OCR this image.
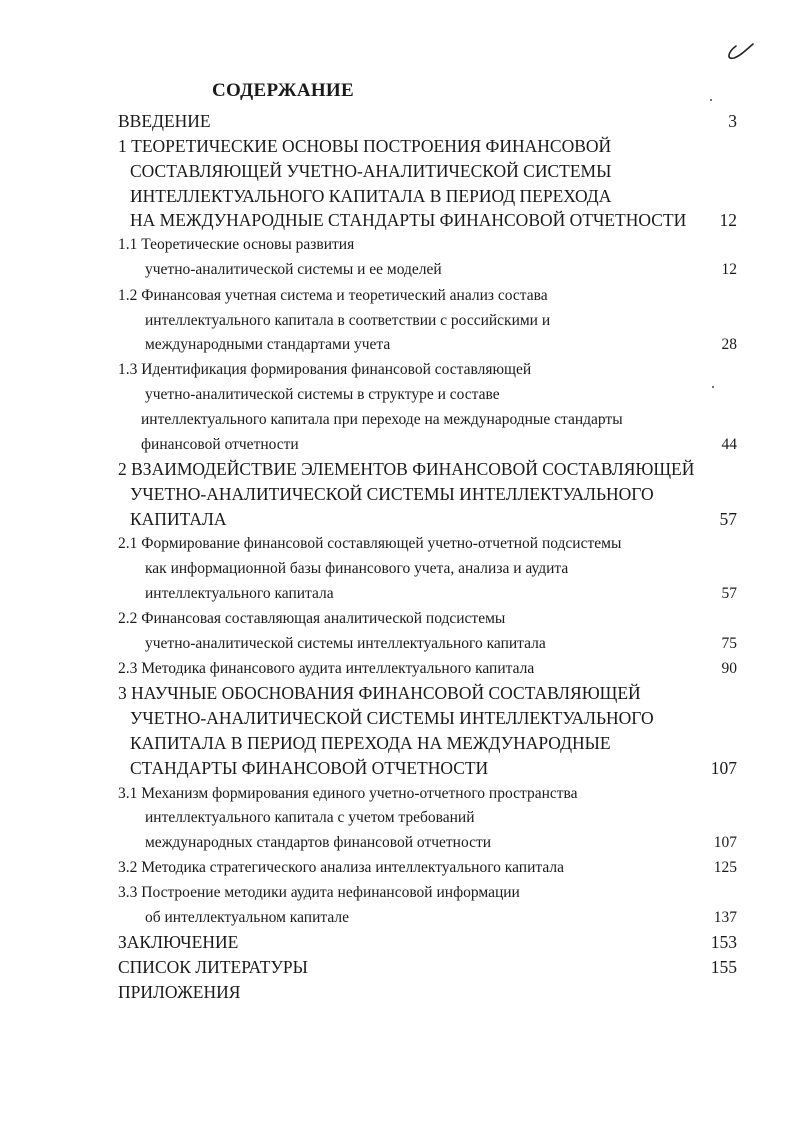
СОДЕРЖАНИЕ
ВВЕДЕНИЕ	3
1 ТЕОРЕТИЧЕСКИЕ ОСНОВЫ ПОСТРОЕНИЯ ФИНАНСОВОЙ
СОСТАВЛЯЮЩЕЙ УЧЕТНО-АНАЛИТИЧЕСКОЙ СИСТЕМЫ
ИНТЕЛЛЕКТУАЛЬНОГО КАПИТАЛА В ПЕРИОД ПЕРЕХОДА
НА МЕЖДУНАРОДНЫЕ СТАНДАРТЫ ФИНАНСОВОЙ ОТЧЕТНОСТИ 12
1.1 Теоретические основы развития
учетно-аналитической системы и ее моделей	12
1.2 Финансовая учетная система и теоретический анализ состава
интеллектуального капитала в соответствии с российскими и
международными стандартами учета	28
1.3 Идентификация формирования финансовой составляющей
учетно-аналитической системы в структуре и составе
интеллектуального капитала при переходе на международные стандарты
финансовой отчетности	44
2 ВЗАИМОДЕЙСТВИЕ ЭЛЕМЕНТОВ ФИНАНСОВОЙ СОСТАВЛЯЮЩЕЙ
УЧЕТНО-АНАЛИТИЧЕСКОЙ СИСТЕМЫ ИНТЕЛЛЕКТУАЛЬНОГО
КАПИТАЛА	57
2.1 Формирование финансовой составляющей учетно-отчетной подсистемы
как информационной базы финансового учета, анализа и аудита
интеллектуального капитала	57
2.2 Финансовая составляющая аналитической подсистемы
учетно-аналитической системы интеллектуального капитала	75
2.3 Методика финансового аудита интеллектуального капитала	90
3 НАУЧНЫЕ ОБОСНОВАНИЯ ФИНАНСОВОЙ СОСТАВЛЯЮЩЕЙ
УЧЕТНО-АНАЛИТИЧЕСКОЙ СИСТЕМЫ ИНТЕЛЛЕКТУАЛЬНОГО
КАПИТАЛА В ПЕРИОД ПЕРЕХОДА НА МЕЖДУНАРОДНЫЕ
СТАНДАРТЫ ФИНАНСОВОЙ ОТЧЕТНОСТИ	107
3.1 Механизм формирования единого учетно-отчетного пространства
интеллектуального капитала с учетом требований
международных стандартов финансовой отчетности	107
3.2 Методика стратегического анализа интеллектуального капитала	125
3.3 Построение методики аудита нефинансовой информации
об интеллектуальном капитале	137
ЗАКЛЮЧЕНИЕ	153
СПИСОК ЛИТЕРАТУРЫ	155
ПРИЛОЖЕНИЯ
